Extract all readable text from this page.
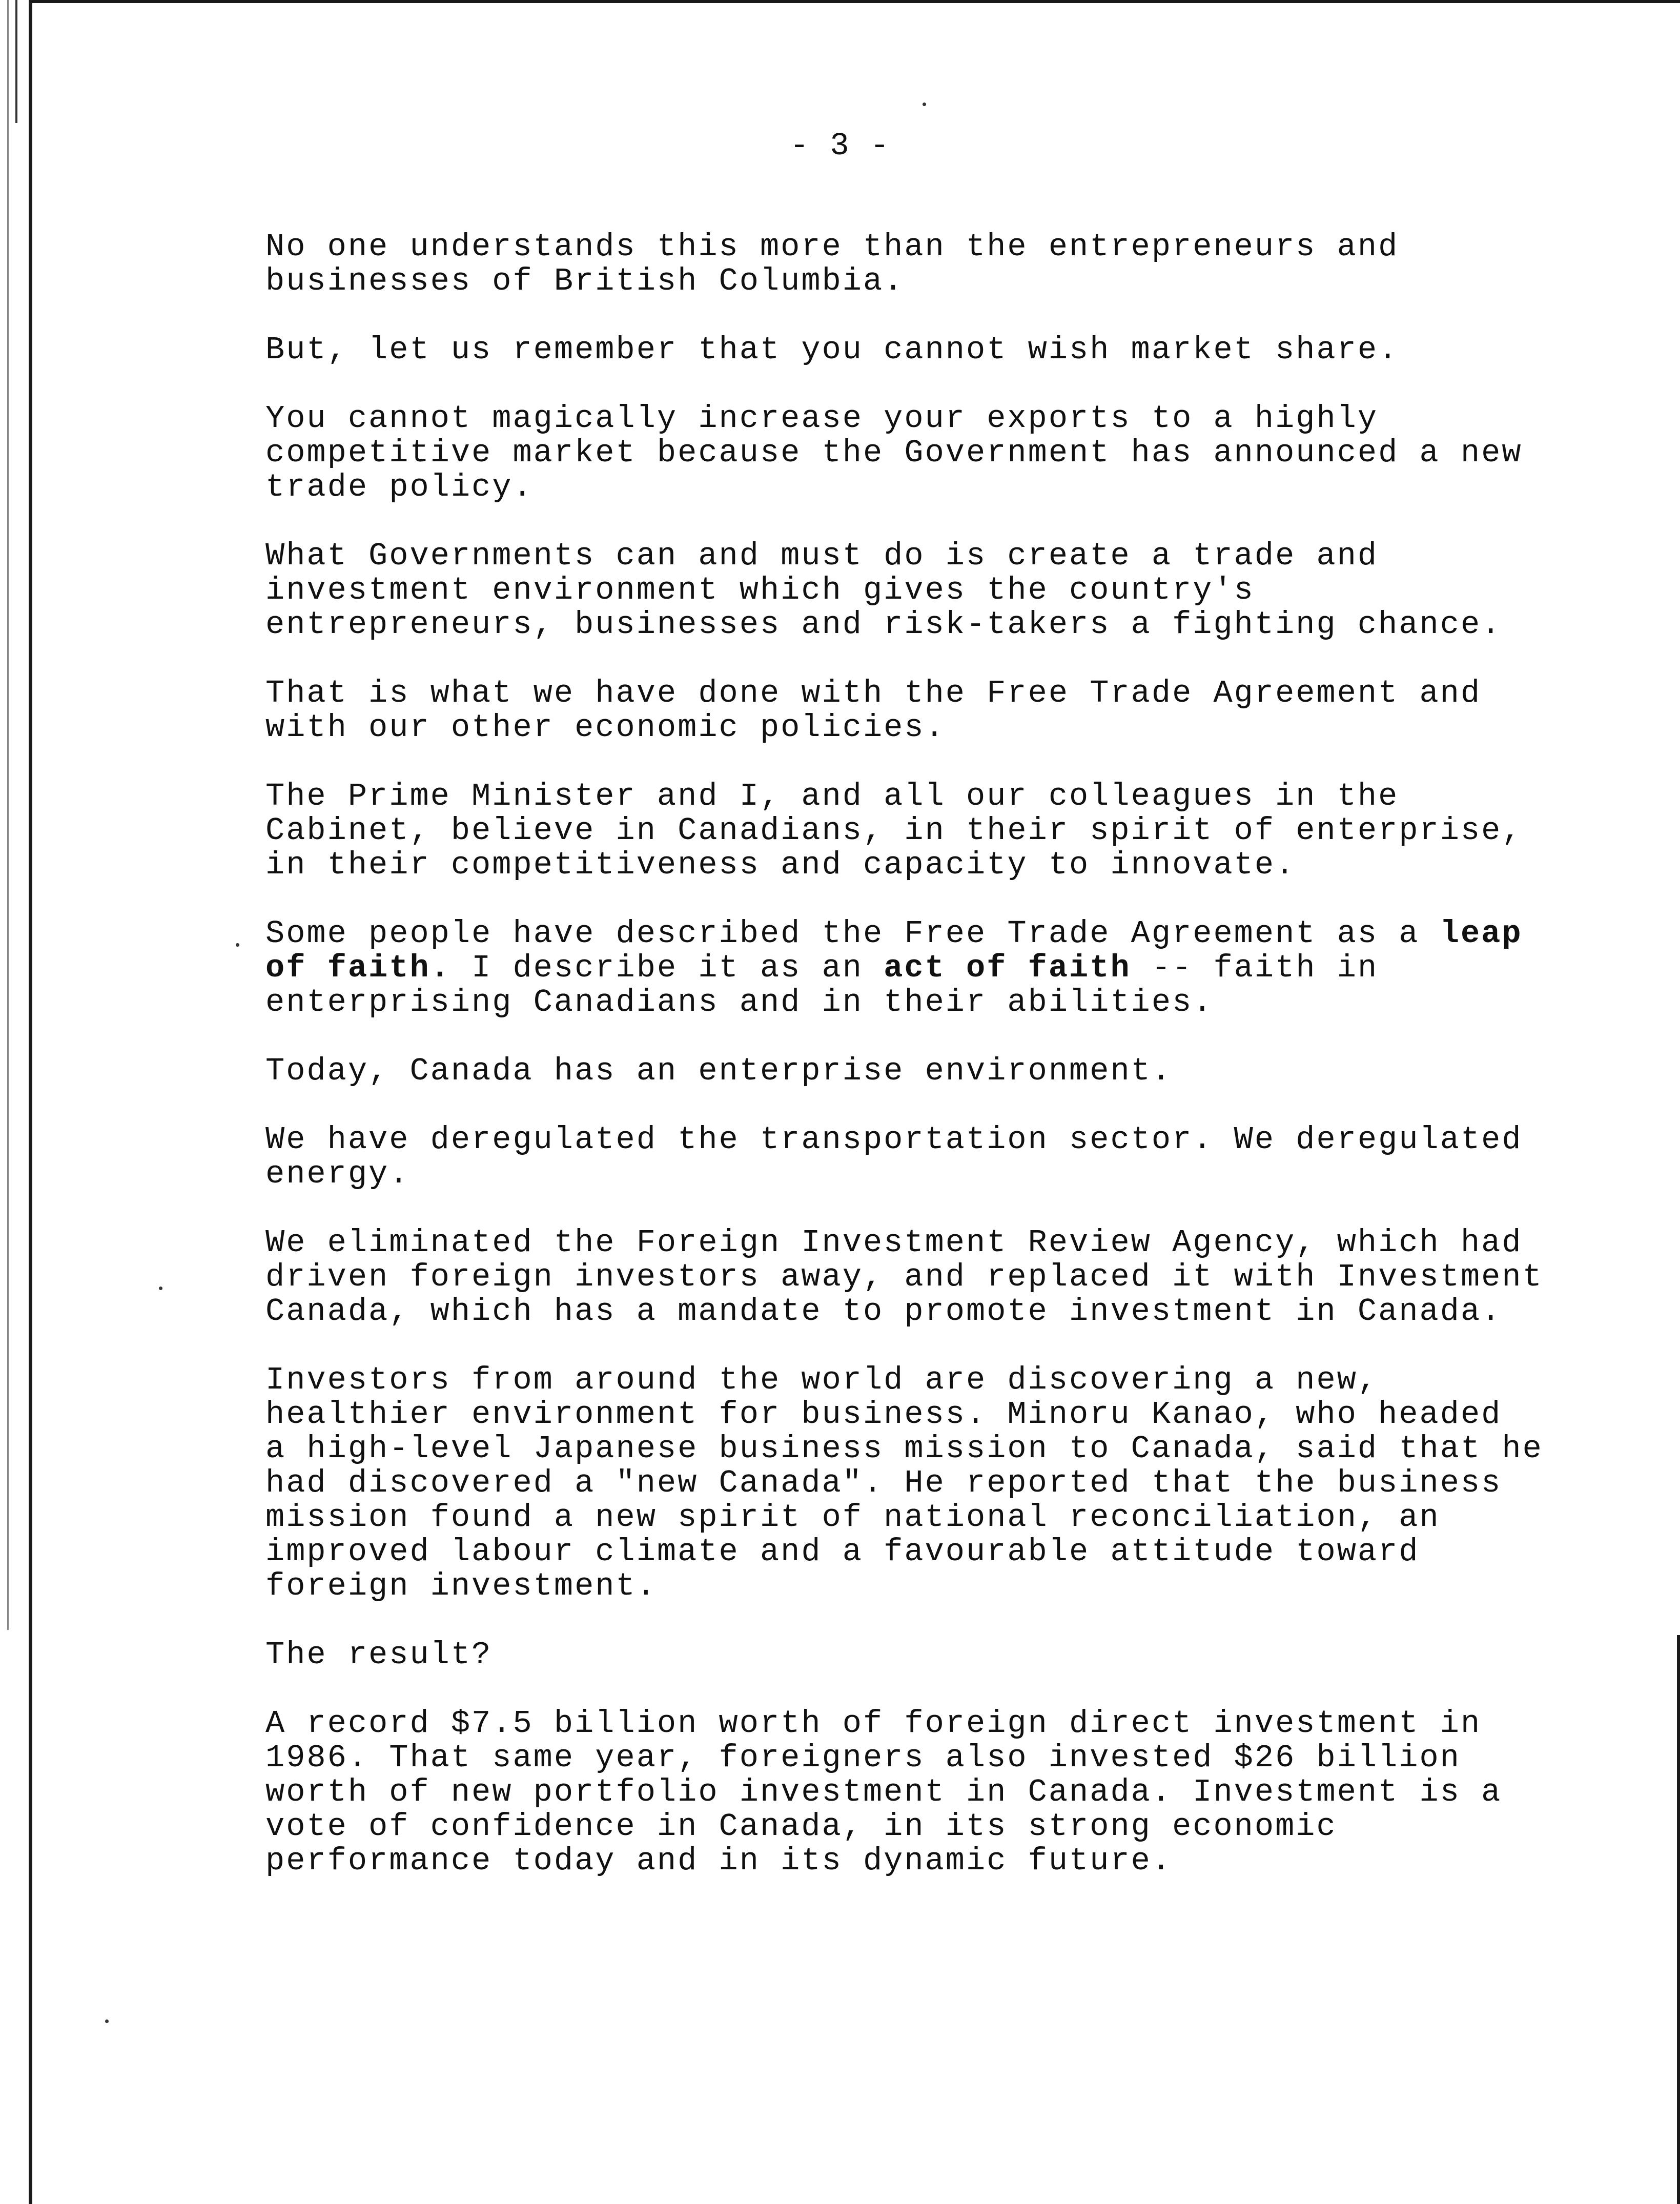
- 3 -

No one understands this more than the entrepreneurs and
businesses of British Columbia.

But, let us remember that you cannot wish market share.

You cannot magically increase your exports to a highly
competitive market because the Government has announced a new
trade policy.

What Governments can and must do is create a trade and
investment environment which gives the country's
entrepreneurs, businesses and risk-takers a fighting chance.

That is what we have done with the Free Trade Agreement and
with our other economic policies.

The Prime Minister and I, and all our colleagues in the
Cabinet, believe in Canadians, in their spirit of enterprise,
in their competitiveness and capacity to innovate.

Some people have described the Free Trade Agreement as a leap
of faith. I describe it as an act of faith -- faith in
enterprising Canadians and in their abilities.

Today, Canada has an enterprise environment.

We have deregulated the transportation sector. We deregulated
energy.

We eliminated the Foreign Investment Review Agency, which had
driven foreign investors away, and replaced it with Investment
Canada, which has a mandate to promote investment in Canada.

Investors from around the world are discovering a new,
healthier environment for business. Minoru Kanao, who headed
a high-level Japanese business mission to Canada, said that he
had discovered a "new Canada". He reported that the business
mission found a new spirit of national reconciliation, an
improved labour climate and a favourable attitude toward
foreign investment.

The result?

A record $7.5 billion worth of foreign direct investment in
1986. That same year, foreigners also invested $26 billion
worth of new portfolio investment in Canada. Investment is a
vote of confidence in Canada, in its strong economic
performance today and in its dynamic future.
